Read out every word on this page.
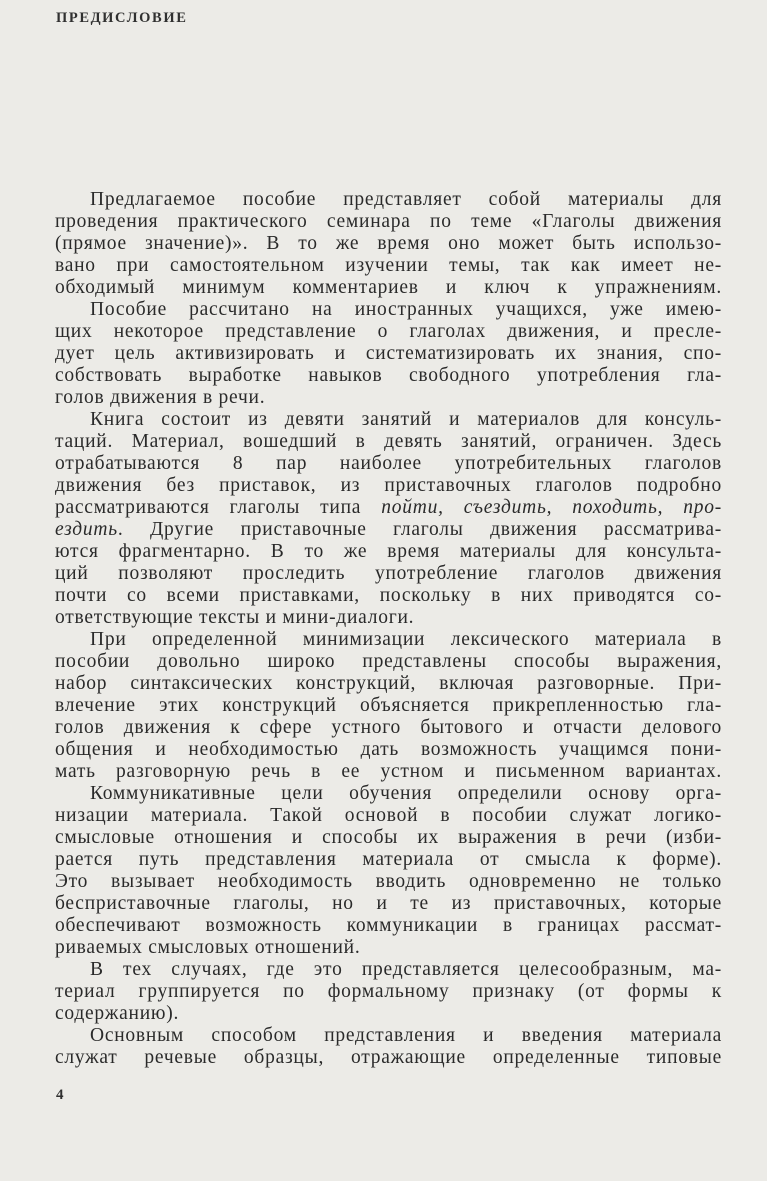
ПРЕДИСЛОВИЕ
Предлагаемое пособие представляет собой материалы для
проведения практического семинара по теме «Глаголы движения
(прямое значение)». В то же время оно может быть использо-
вано при самостоятельном изучении темы, так как имеет не-
обходимый минимум комментариев и ключ к упражнениям.
Пособие рассчитано на иностранных учащихся, уже имею-
щих некоторое представление о глаголах движения, и пресле-
дует цель активизировать и систематизировать их знания, спо-
собствовать выработке навыков свободного употребления гла-
голов движения в речи.
Книга состоит из девяти занятий и материалов для консуль-
таций. Материал, вошедший в девять занятий, ограничен. Здесь
отрабатываются 8 пар наиболее употребительных глаголов
движения без приставок, из приставочных глаголов подробно
рассматриваются глаголы типа пойти, съездить, походить, про-
ездить. Другие приставочные глаголы движения рассматрива-
ются фрагментарно. В то же время материалы для консульта-
ций позволяют проследить употребление глаголов движения
почти со всеми приставками, поскольку в них приводятся со-
ответствующие тексты и мини-диалоги.
При определенной минимизации лексического материала в
пособии довольно широко представлены способы выражения,
набор синтаксических конструкций, включая разговорные. При-
влечение этих конструкций объясняется прикрепленностью гла-
голов движения к сфере устного бытового и отчасти делового
общения и необходимостью дать возможность учащимся пони-
мать разговорную речь в ее устном и письменном вариантах.
Коммуникативные цели обучения определили основу орга-
низации материала. Такой основой в пособии служат логико-
смысловые отношения и способы их выражения в речи (изби-
рается путь представления материала от смысла к форме).
Это вызывает необходимость вводить одновременно не только
бесприставочные глаголы, но и те из приставочных, которые
обеспечивают возможность коммуникации в границах рассмат-
риваемых смысловых отношений.
В тех случаях, где это представляется целесообразным, ма-
териал группируется по формальному признаку (от формы к
содержанию).
Основным способом представления и введения материала
служат речевые образцы, отражающие определенные типовые
4
